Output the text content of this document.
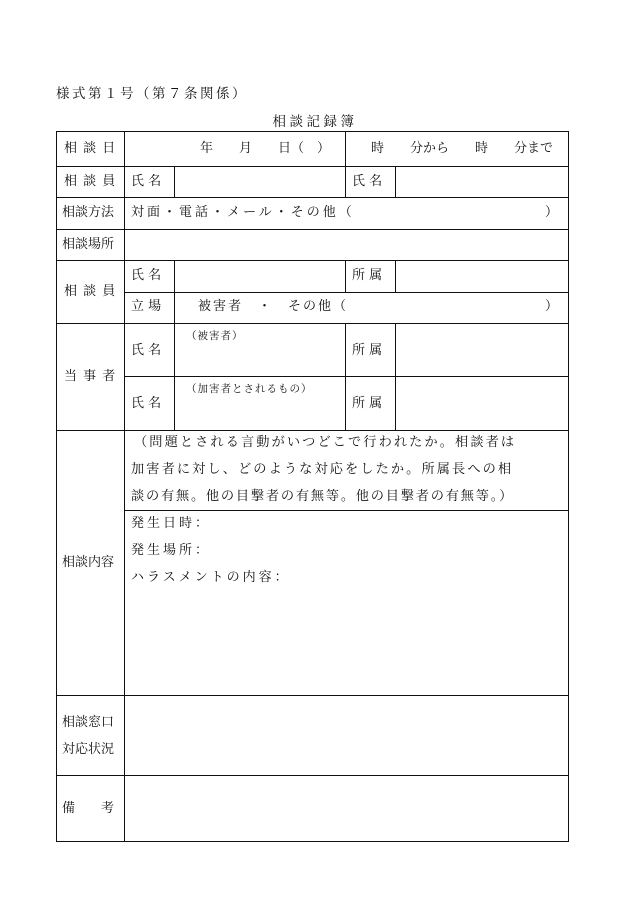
様式第１号（第７条関係）
相談記録簿
相 談 日	年　　月　　日（　）	時　　分から　　時　　分まで
相 談 員 氏 名	氏 名
相談方法 対面・電話・メール・その他（	）
相談場所
相 談 員
氏 名	所 属
立 場	被害者　・　その他（	）
当 事 者
（被害者）
氏 名	所 属
（加害者とされるもの）
氏 名	所 属
相談内容
（問題とされる言動がいつどこで行われたか。相談者は
加害者に対し、どのような対応をしたか。所属長への相
談の有無。他の目撃者の有無等。他の目撃者の有無等。）
発生日時：
発生場所：
ハラスメントの内容：
相談窓口
対応状況
備　　考
